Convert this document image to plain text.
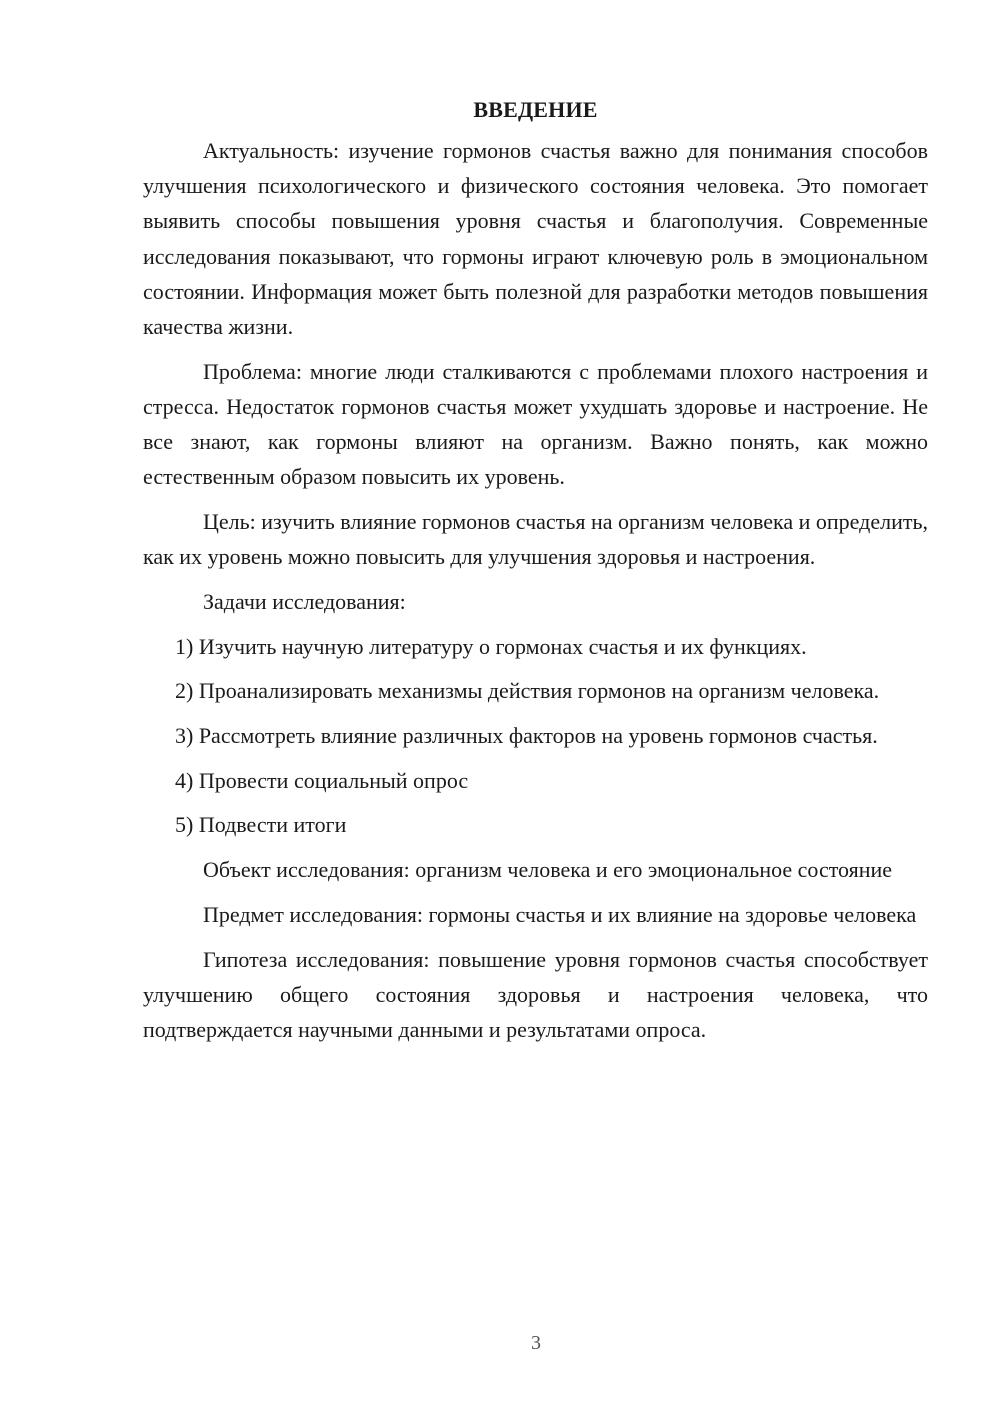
ВВЕДЕНИЕ

Актуальность: изучение гормонов счастья важно для понимания способов улучшения психологического и физического состояния человека. Это помогает выявить способы повышения уровня счастья и благополучия. Современные исследования показывают, что гормоны играют ключевую роль в эмоциональном состоянии. Информация может быть полезной для разработки методов повышения качества жизни.

Проблема: многие люди сталкиваются с проблемами плохого настроения и стресса. Недостаток гормонов счастья может ухудшать здоровье и настроение. Не все знают, как гормоны влияют на организм. Важно понять, как можно естественным образом повысить их уровень.

Цель: изучить влияние гормонов счастья на организм человека и определить, как их уровень можно повысить для улучшения здоровья и настроения.

Задачи исследования:

1) Изучить научную литературу о гормонах счастья и их функциях.

2) Проанализировать механизмы действия гормонов на организм человека.

3) Рассмотреть влияние различных факторов на уровень гормонов счастья.

4) Провести социальный опрос

5) Подвести итоги

Объект исследования: организм человека и его эмоциональное состояние

Предмет исследования: гормоны счастья и их влияние на здоровье человека

Гипотеза исследования: повышение уровня гормонов счастья способствует улучшению общего состояния здоровья и настроения человека, что подтверждается научными данными и результатами опроса.

3
